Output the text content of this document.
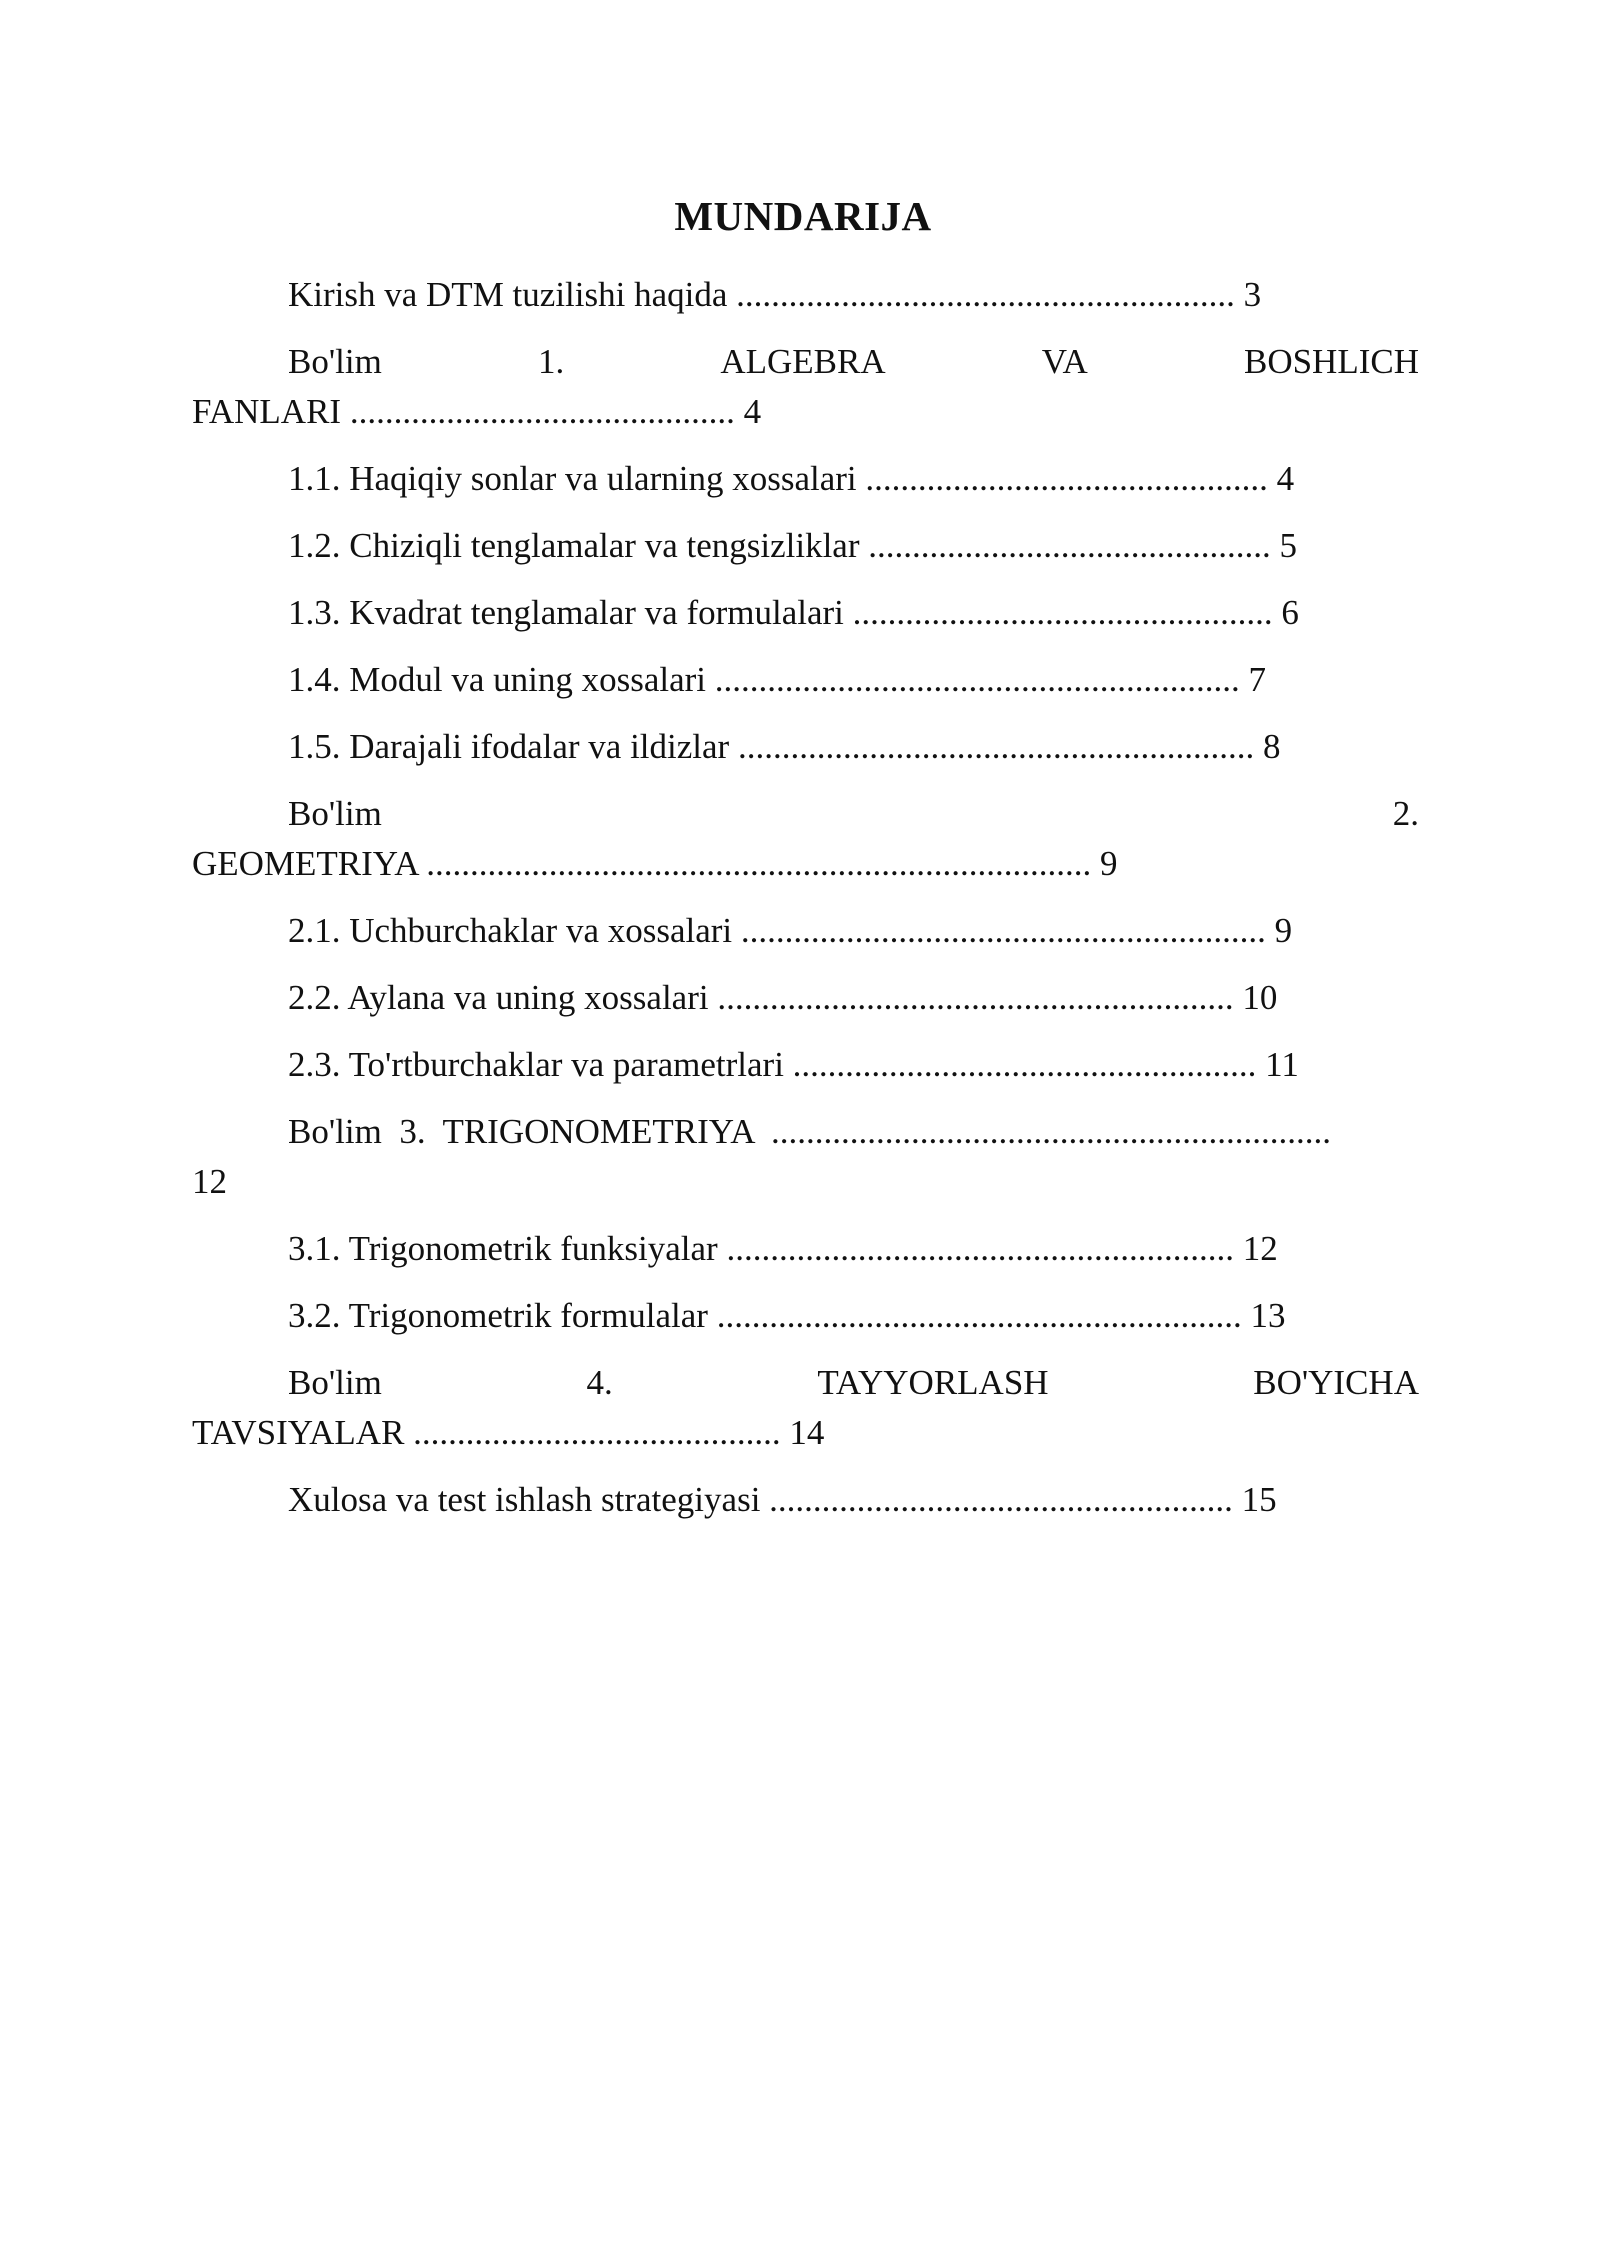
MUNDARIJA
Kirish va DTM tuzilishi haqida ......................................................... 3
Bo'lim	1.	ALGEBRA	VA	BOSHLICH
FANLARI ............................................ 4
1.1. Haqiqiy sonlar va ularning xossalari .............................................. 4
1.2. Chiziqli tenglamalar va tengsizliklar .............................................. 5
1.3. Kvadrat tenglamalar va formulalari ................................................ 6
1.4. Modul va uning xossalari ............................................................ 7
1.5. Darajali ifodalar va ildizlar ........................................................... 8
Bo'lim	2.
GEOMETRIYA ............................................................................ 9
2.1. Uchburchaklar va xossalari ............................................................ 9
2.2. Aylana va uning xossalari ........................................................... 10
2.3. To'rtburchaklar va parametrlari ..................................................... 11
Bo'lim  3.  TRIGONOMETRIYA  ................................................................
12
3.1. Trigonometrik funksiyalar .......................................................... 12
3.2. Trigonometrik formulalar ............................................................ 13
Bo'lim	4.	TAYYORLASH	BO'YICHA
TAVSIYALAR .......................................... 14
Xulosa va test ishlash strategiyasi ..................................................... 15
